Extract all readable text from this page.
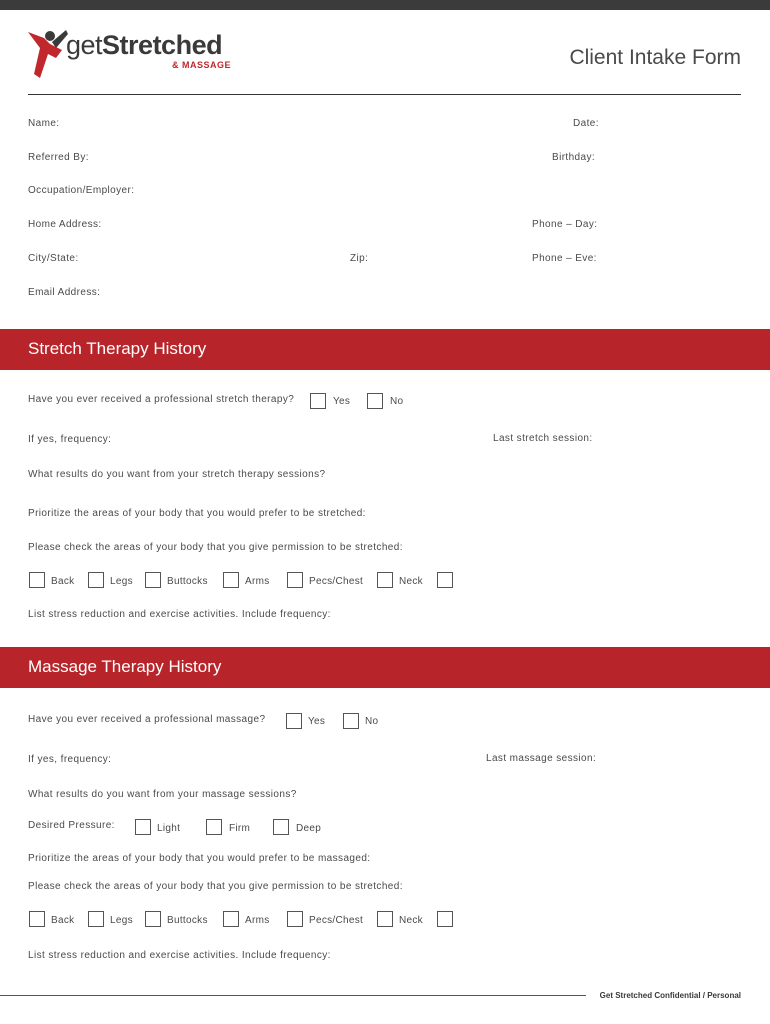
getStretched
& MASSAGE	Client Intake Form
Name:	Date:
Referred By:	Birthday:
Occupation/Employer:
Home Address:	Phone – Day:
City/State:	Zip:	Phone – Eve:
Email Address:
Stretch Therapy History
Have you ever received a professional stretch therapy?	Yes	No
If yes, frequency:	Last stretch session:
What results do you want from your stretch therapy sessions?
Prioritize the areas of your body that you would prefer to be stretched:
Please check the areas of your body that you give permission to be stretched:
Back	Legs	Buttocks	Arms	Pecs/Chest	Neck
List stress reduction and exercise activities. Include frequency:
Massage Therapy History
Have you ever received a professional massage?	Yes	No
If yes, frequency:	Last massage session:
What results do you want from your massage sessions?
Desired Pressure:	Light	Firm	Deep
Prioritize the areas of your body that you would prefer to be massaged:
Please check the areas of your body that you give permission to be stretched:
Back	Legs	Buttocks	Arms	Pecs/Chest	Neck
List stress reduction and exercise activities. Include frequency:
Get Stretched Confidential / Personal
